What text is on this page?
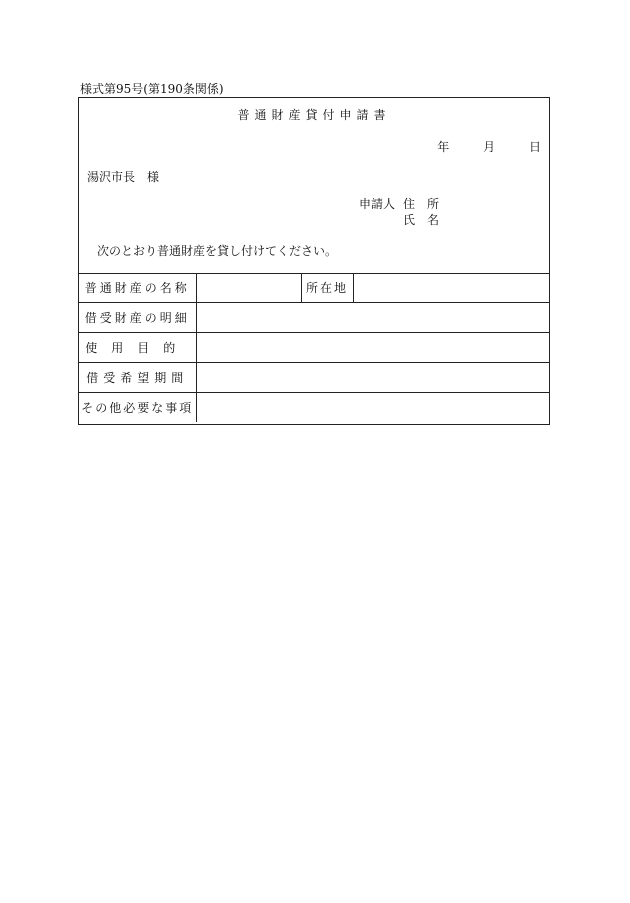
様式第95号(第190条関係)
普通財産貸付申請書
年	月	日
湯沢市長　様
申請人 住　所
氏　名
次のとおり普通財産を貸し付けてください。
普通財産の名称		所在地	
借受財産の明細			
使用目的			
借受希望期間			
その他必要な事項			
